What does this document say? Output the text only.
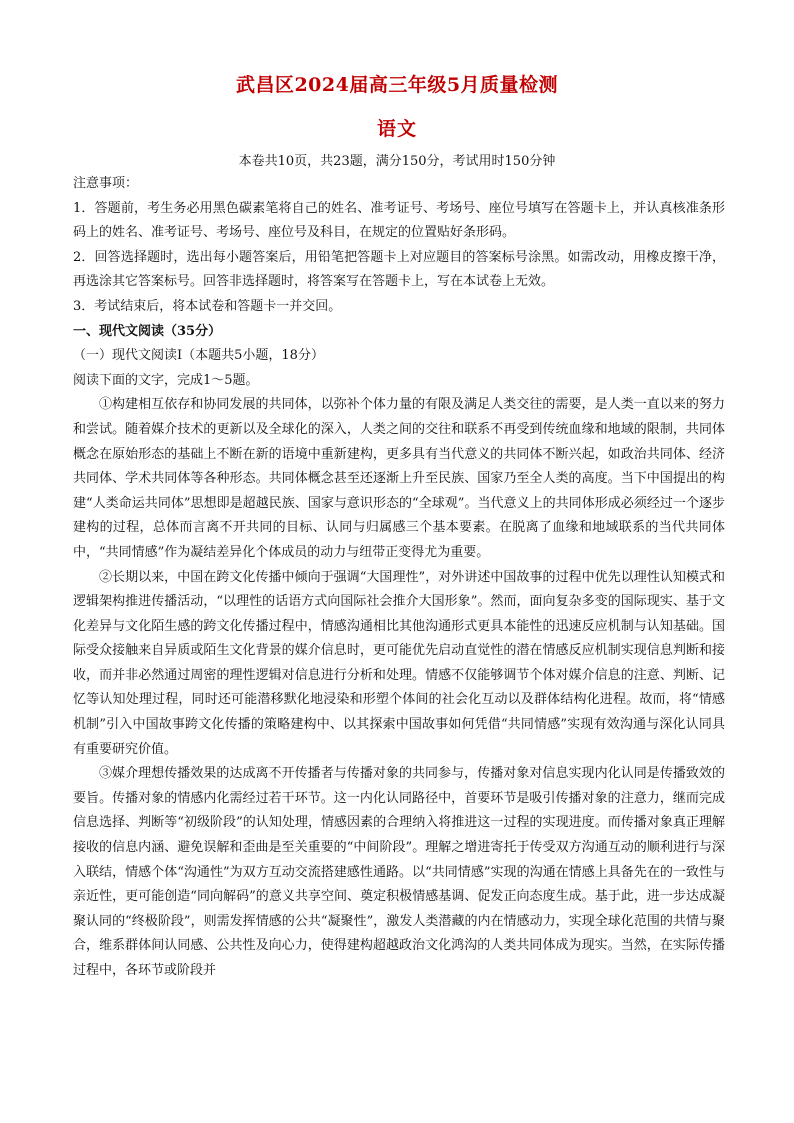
武昌区2024届高三年级5月质量检测
语文
本卷共10页，共23题，满分150分，考试用时150分钟

注意事项：

1．答题前，考生务必用黑色碳素笔将自己的姓名、准考证号、考场号、座位号填写在答题卡上，并认真核准条形码上的姓名、准考证号、考场号、座位号及科目，在规定的位置贴好条形码。

2．回答选择题时，选出每小题答案后，用铅笔把答题卡上对应题目的答案标号涂黑。如需改动，用橡皮擦干净，再选涂其它答案标号。回答非选择题时，将答案写在答题卡上，写在本试卷上无效。

3．考试结束后，将本试卷和答题卡一并交回。

一、现代文阅读（35分）

（一）现代文阅读Ⅰ（本题共5小题，18分）

阅读下面的文字，完成1～5题。

①构建相互依存和协同发展的共同体，以弥补个体力量的有限及满足人类交往的需要，是人类一直以来的努力和尝试。随着媒介技术的更新以及全球化的深入，人类之间的交往和联系不再受到传统血缘和地域的限制，共同体概念在原始形态的基础上不断在新的语境中重新建构，更多具有当代意义的共同体不断兴起，如政治共同体、经济共同体、学术共同体等各种形态。共同体概念甚至还逐渐上升至民族、国家乃至全人类的高度。当下中国提出的构建“人类命运共同体”思想即是超越民族、国家与意识形态的“全球观”。当代意义上的共同体形成必须经过一个逐步建构的过程，总体而言离不开共同的目标、认同与归属感三个基本要素。在脱离了血缘和地域联系的当代共同体中，“共同情感”作为凝结差异化个体成员的动力与纽带正变得尤为重要。

②长期以来，中国在跨文化传播中倾向于强调“大国理性”，对外讲述中国故事的过程中优先以理性认知模式和逻辑架构推进传播活动，“以理性的话语方式向国际社会推介大国形象”。然而，面向复杂多变的国际现实、基于文化差异与文化陌生感的跨文化传播过程中，情感沟通相比其他沟通形式更具本能性的迅速反应机制与认知基础。国际受众接触来自异质或陌生文化背景的媒介信息时，更可能优先启动直觉性的潜在情感反应机制实现信息判断和接收，而并非必然通过周密的理性逻辑对信息进行分析和处理。情感不仅能够调节个体对媒介信息的注意、判断、记忆等认知处理过程，同时还可能潜移默化地浸染和形塑个体间的社会化互动以及群体结构化进程。故而，将“情感机制”引入中国故事跨文化传播的策略建构中、以其探索中国故事如何凭借“共同情感”实现有效沟通与深化认同具有重要研究价值。

③媒介理想传播效果的达成离不开传播者与传播对象的共同参与，传播对象对信息实现内化认同是传播致效的要旨。传播对象的情感内化需经过若干环节。这一内化认同路径中，首要环节是吸引传播对象的注意力，继而完成信息选择、判断等“初级阶段”的认知处理，情感因素的合理纳入将推进这一过程的实现进度。而传播对象真正理解接收的信息内涵、避免误解和歪曲是至关重要的“中间阶段”。理解之增进寄托于传受双方沟通互动的顺利进行与深入联结，情感个体“沟通性”为双方互动交流搭建感性通路。以“共同情感”实现的沟通在情感上具备先在的一致性与亲近性，更可能创造“同向解码”的意义共享空间、奠定积极情感基调、促发正向态度生成。基于此，进一步达成凝聚认同的“终极阶段”，则需发挥情感的公共“凝聚性”，激发人类潜藏的内在情感动力，实现全球化范围的共情与聚合，维系群体间认同感、公共性及向心力，使得建构超越政治文化鸿沟的人类共同体成为现实。当然，在实际传播过程中，各环节或阶段并
